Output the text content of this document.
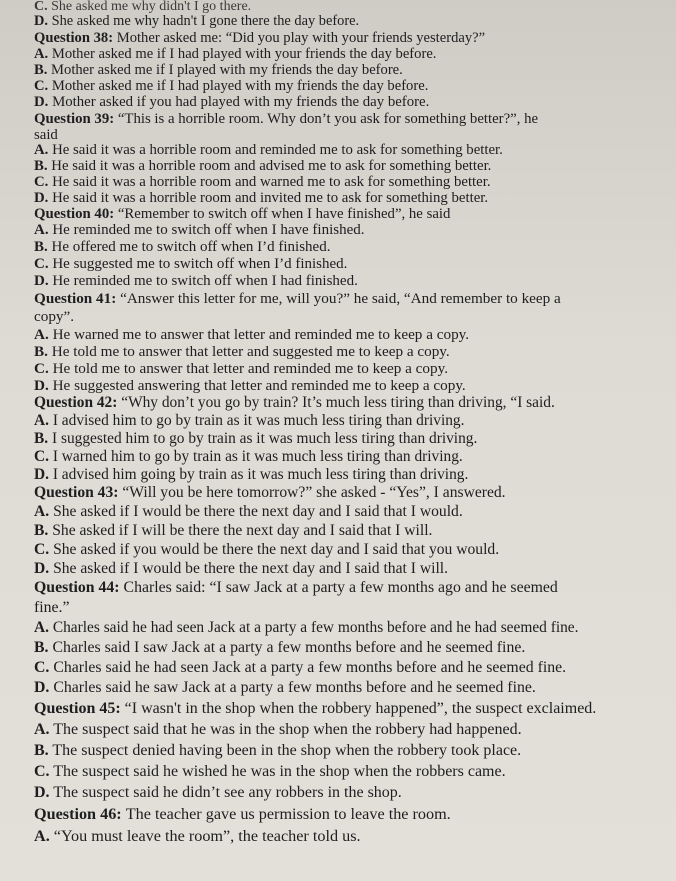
C. She asked me why didn't I go there.
D. She asked me why hadn't I gone there the day before.
Question 38: Mother asked me: “Did you play with your friends yesterday?”
A. Mother asked me if I had played with your friends the day before.
B. Mother asked me if I played with my friends the day before.
C. Mother asked me if I had played with my friends the day before.
D. Mother asked if you had played with my friends the day before.
Question 39: “This is a horrible room. Why don’t you ask for something better?”, he
said
A. He said it was a horrible room and reminded me to ask for something better.
B. He said it was a horrible room and advised me to ask for something better.
C. He said it was a horrible room and warned me to ask for something better.
D. He said it was a horrible room and invited me to ask for something better.
Question 40: “Remember to switch off when I have finished”, he said
A. He reminded me to switch off when I have finished.
B. He offered me to switch off when I’d finished.
C. He suggested me to switch off when I’d finished.
D. He reminded me to switch off when I had finished.
Question 41: “Answer this letter for me, will you?” he said, “And remember to keep a
copy”.
A. He warned me to answer that letter and reminded me to keep a copy.
B. He told me to answer that letter and suggested me to keep a copy.
C. He told me to answer that letter and reminded me to keep a copy.
D. He suggested answering that letter and reminded me to keep a copy.
Question 42: “Why don’t you go by train? It’s much less tiring than driving, “I said.
A. I advised him to go by train as it was much less tiring than driving.
B. I suggested him to go by train as it was much less tiring than driving.
C. I warned him to go by train as it was much less tiring than driving.
D. I advised him going by train as it was much less tiring than driving.
Question 43: “Will you be here tomorrow?” she asked - “Yes”, I answered.
A. She asked if I would be there the next day and I said that I would.
B. She asked if I will be there the next day and I said that I will.
C. She asked if you would be there the next day and I said that you would.
D. She asked if I would be there the next day and I said that I will.
Question 44: Charles said: “I saw Jack at a party a few months ago and he seemed
fine.”
A. Charles said he had seen Jack at a party a few months before and he had seemed fine.
B. Charles said I saw Jack at a party a few months before and he seemed fine.
C. Charles said he had seen Jack at a party a few months before and he seemed fine.
D. Charles said he saw Jack at a party a few months before and he seemed fine.
Question 45: “I wasn't in the shop when the robbery happened”, the suspect exclaimed.
A. The suspect said that he was in the shop when the robbery had happened.
B. The suspect denied having been in the shop when the robbery took place.
C. The suspect said he wished he was in the shop when the robbers came.
D. The suspect said he didn’t see any robbers in the shop.
Question 46: The teacher gave us permission to leave the room.
A. “You must leave the room”, the teacher told us.
